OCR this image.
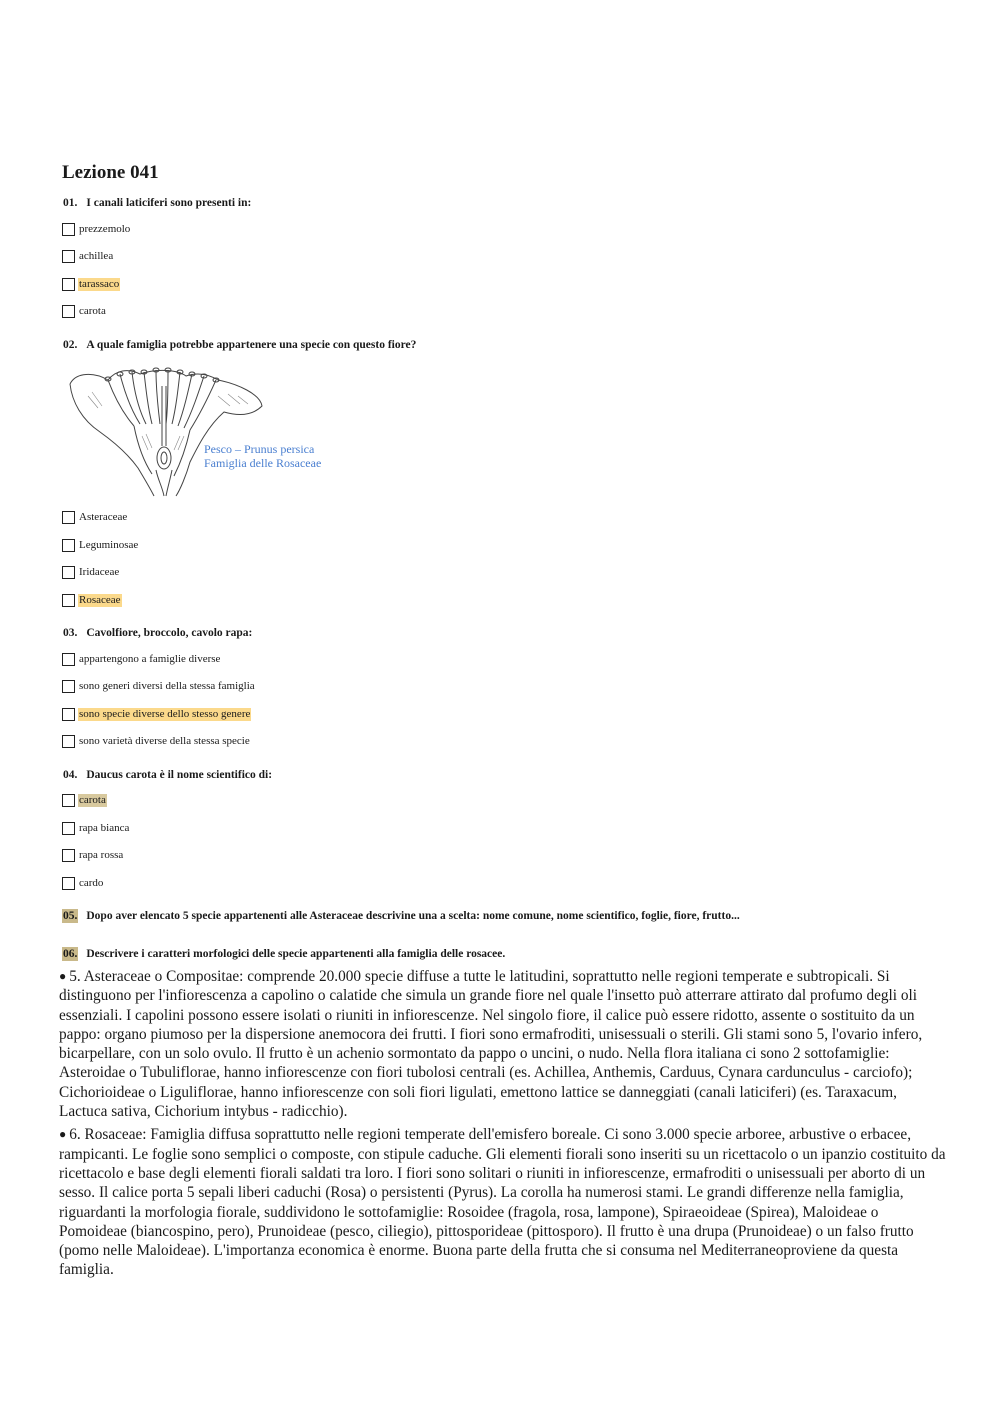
Lezione 041
01. I canali laticiferi sono presenti in:
prezzemolo
achillea
tarassaco
carota
02. A quale famiglia potrebbe appartenere una specie con questo fiore?
Pesco – Prunus persica
Famiglia delle Rosaceae
Asteraceae
Leguminosae
Iridaceae
Rosaceae
03. Cavolfiore, broccolo, cavolo rapa:
appartengono a famiglie diverse
sono generi diversi della stessa famiglia
sono specie diverse dello stesso genere
sono varietà diverse della stessa specie
04. Daucus carota è il nome scientifico di:
carota
rapa bianca
rapa rossa
cardo
05. Dopo aver elencato 5 specie appartenenti alle Asteraceae descrivine una a scelta: nome comune, nome scientifico, foglie, fiore, frutto...
06. Descrivere i caratteri morfologici delle specie appartenenti alla famiglia delle rosacee.
● 5. Asteraceae o Compositae: comprende 20.000 specie diffuse a tutte le latitudini, soprattutto nelle regioni temperate e subtropicali. Si distinguono per l'infiorescenza a capolino o calatide che simula un grande fiore nel quale l'insetto può atterrare attirato dal profumo degli oli essenziali. I capolini possono essere isolati o riuniti in infiorescenze. Nel singolo fiore, il calice può essere ridotto, assente o sostituito da un pappo: organo piumoso per la dispersione anemocora dei frutti. I fiori sono ermafroditi, unisessuali o sterili. Gli stami sono 5, l'ovario infero, bicarpellare, con un solo ovulo. Il frutto è un achenio sormontato da pappo o uncini, o nudo. Nella flora italiana ci sono 2 sottofamiglie: Asteroidae o Tubuliflorae, hanno infiorescenze con fiori tubolosi centrali (es. Achillea, Anthemis, Carduus, Cynara cardunculus - carciofo); Cichorioideae o Liguliflorae, hanno infiorescenze con soli fiori ligulati, emettono lattice se danneggiati (canali laticiferi) (es. Taraxacum, Lactuca sativa, Cichorium intybus - radicchio).
● 6. Rosaceae: Famiglia diffusa soprattutto nelle regioni temperate dell'emisfero boreale. Ci sono 3.000 specie arboree, arbustive o erbacee, rampicanti. Le foglie sono semplici o composte, con stipule caduche. Gli elementi fiorali sono inseriti su un ricettacolo o un ipanzio costituito da ricettacolo e base degli elementi fiorali saldati tra loro. I fiori sono solitari o riuniti in infiorescenze, ermafroditi o unisessuali per aborto di un sesso. Il calice porta 5 sepali liberi caduchi (Rosa) o persistenti (Pyrus). La corolla ha numerosi stami. Le grandi differenze nella famiglia, riguardanti la morfologia fiorale, suddividono le sottofamiglie: Rosoidee (fragola, rosa, lampone), Spiraeoideae (Spirea), Maloideae o Pomoideae (biancospino, pero), Prunoideae (pesco, ciliegio), pittosporideae (pittosporo). Il frutto è una drupa (Prunoideae) o un falso frutto (pomo nelle Maloideae). L'importanza economica è enorme. Buona parte della frutta che si consuma nel Mediterraneoproviene da questa famiglia.
